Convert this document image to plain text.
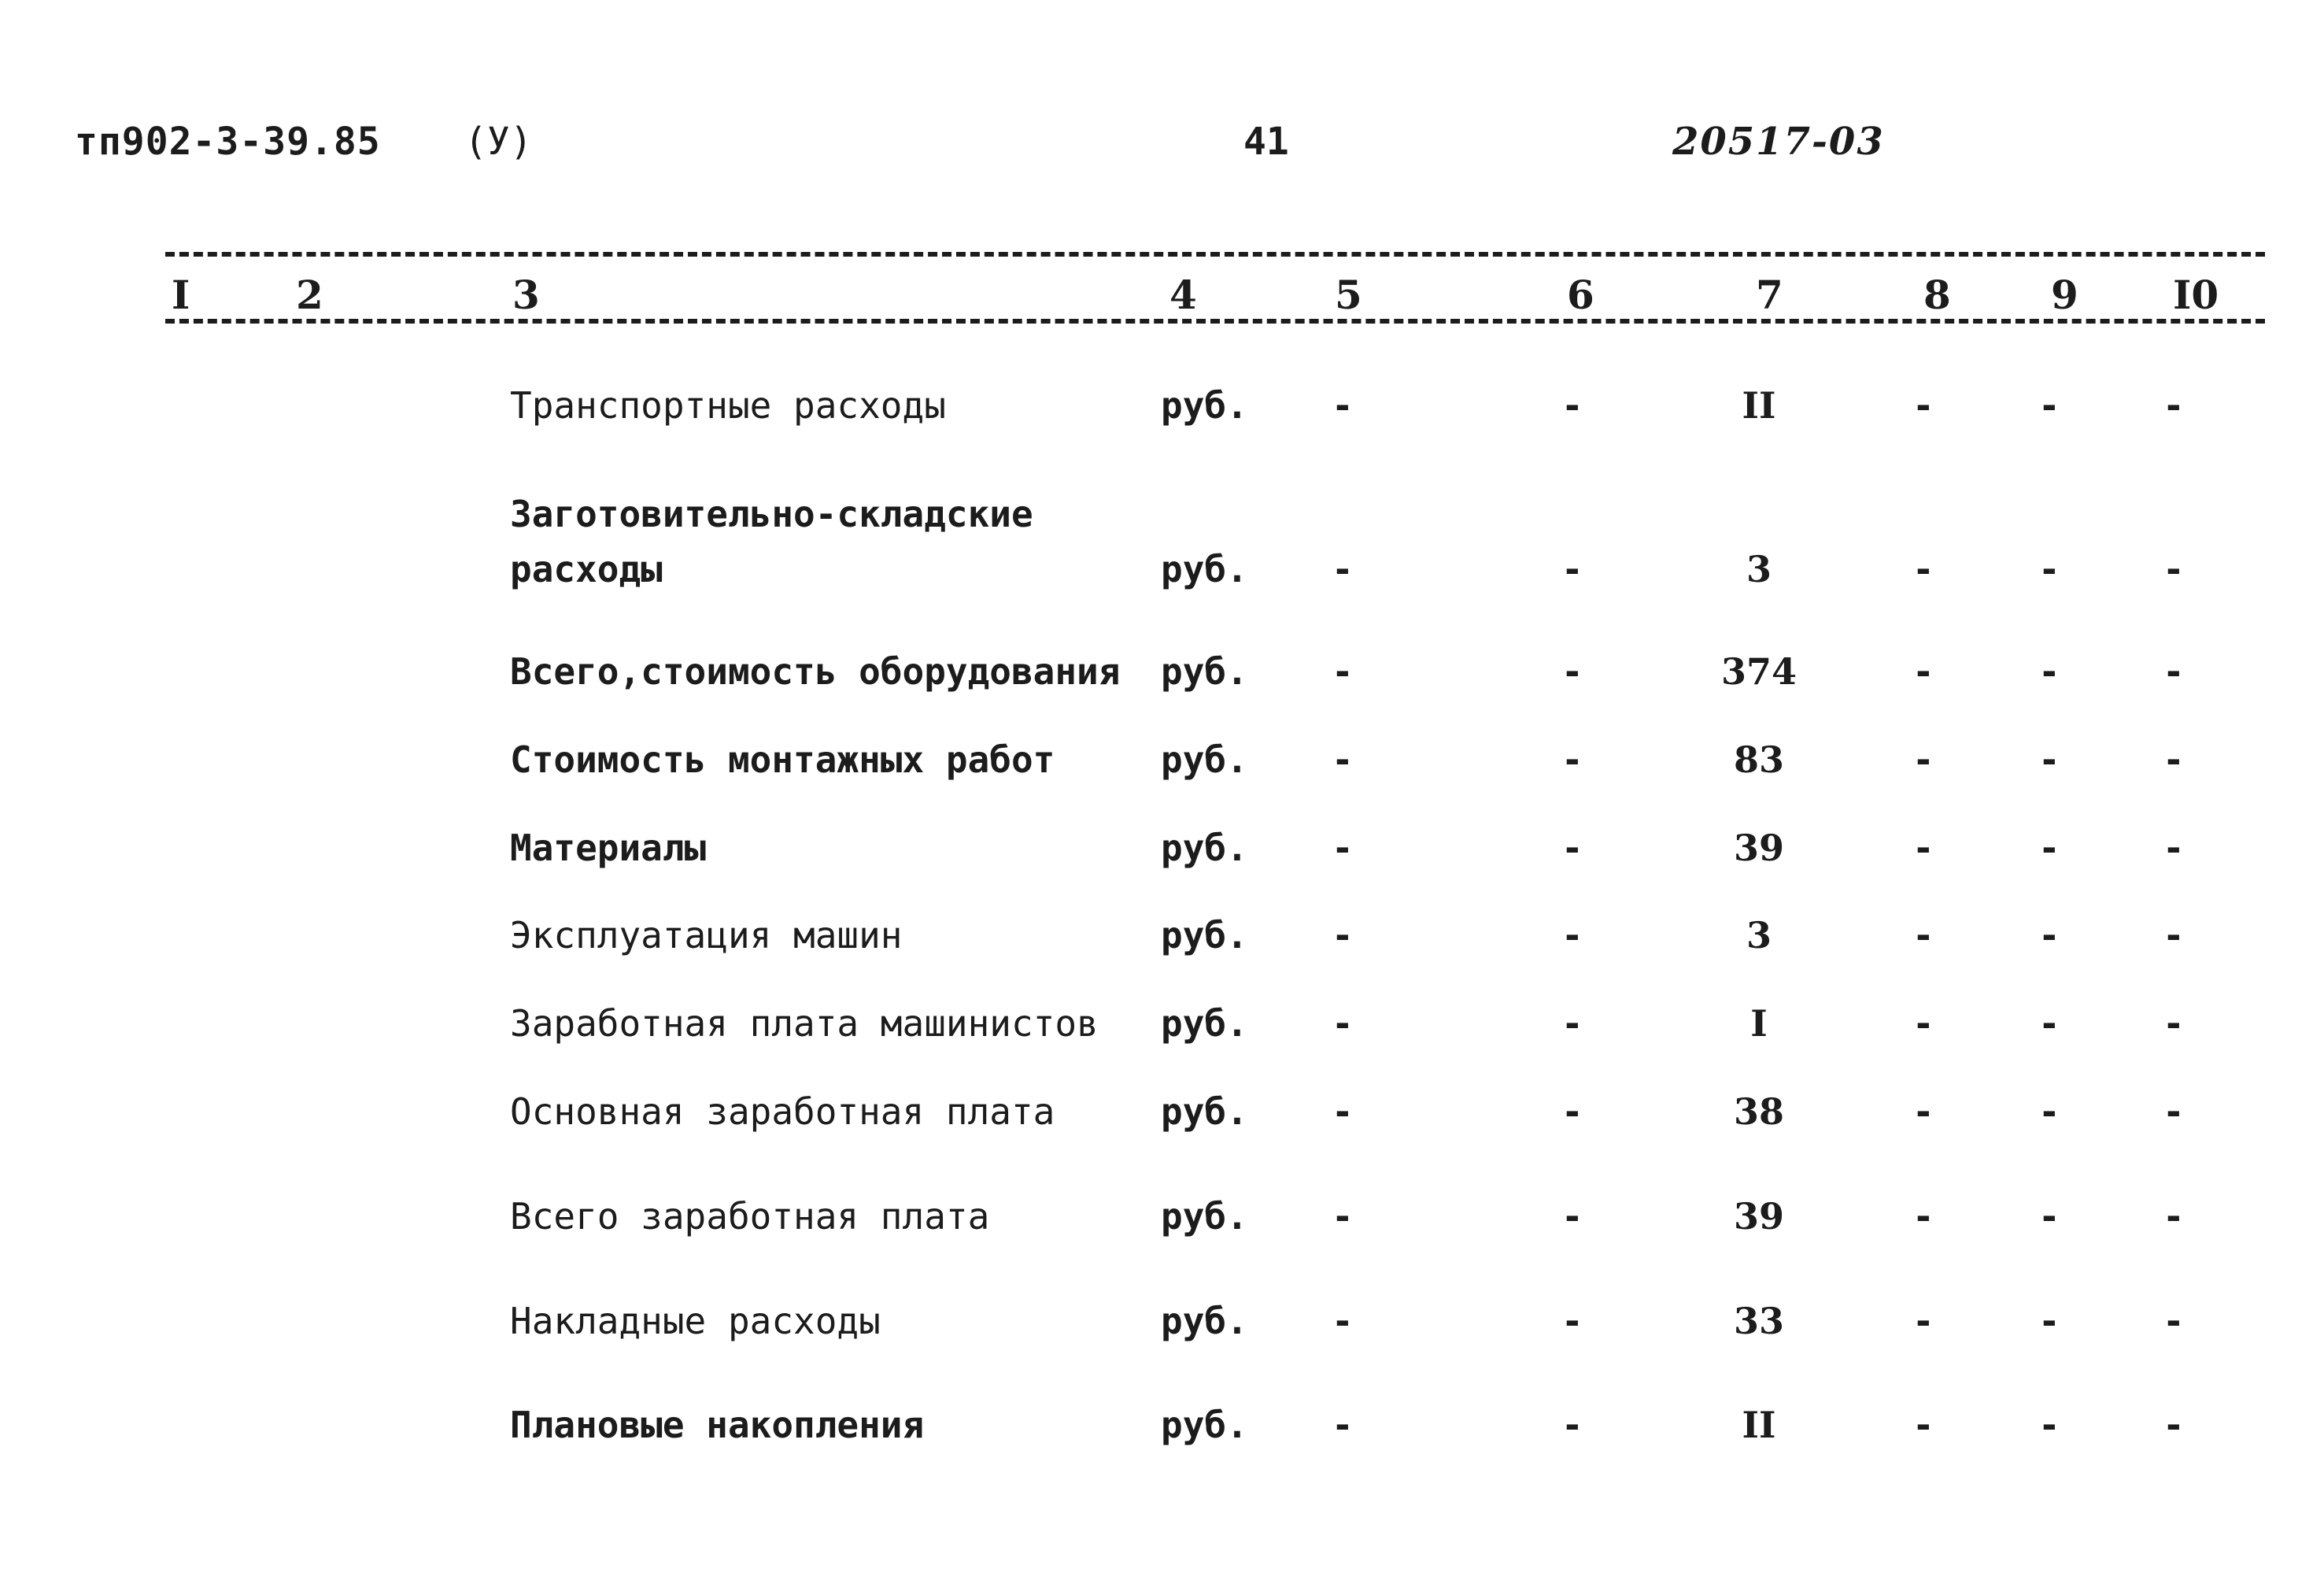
тп902-3-39.85 (У)	41	20517-03
I	2	3	4	5	6	7	8	9 I0
Транспортные расходы	руб. -	-	II	-	-	-
Заготовительно-складские
расходы	руб. -	-	3	-	-	-
Всего,стоимость оборудования руб. -	-	374	-	-	-
Стоимость монтажных работ	руб. -	-	83	-	-	-
Материалы	руб. -	-	39	-	-	-
Эксплуатация машин	руб. -	-	3	-	-	-
Заработная плата машинистов руб. -	-	I	-	-	-
Основная заработная плата	руб. -	-	38	-	-	-
Всего заработная плата	руб. -	-	39	-	-	-
Накладные расходы	руб. -	-	33	-	-	-
Плановые накопления	руб. -	-	II	-	-	-
